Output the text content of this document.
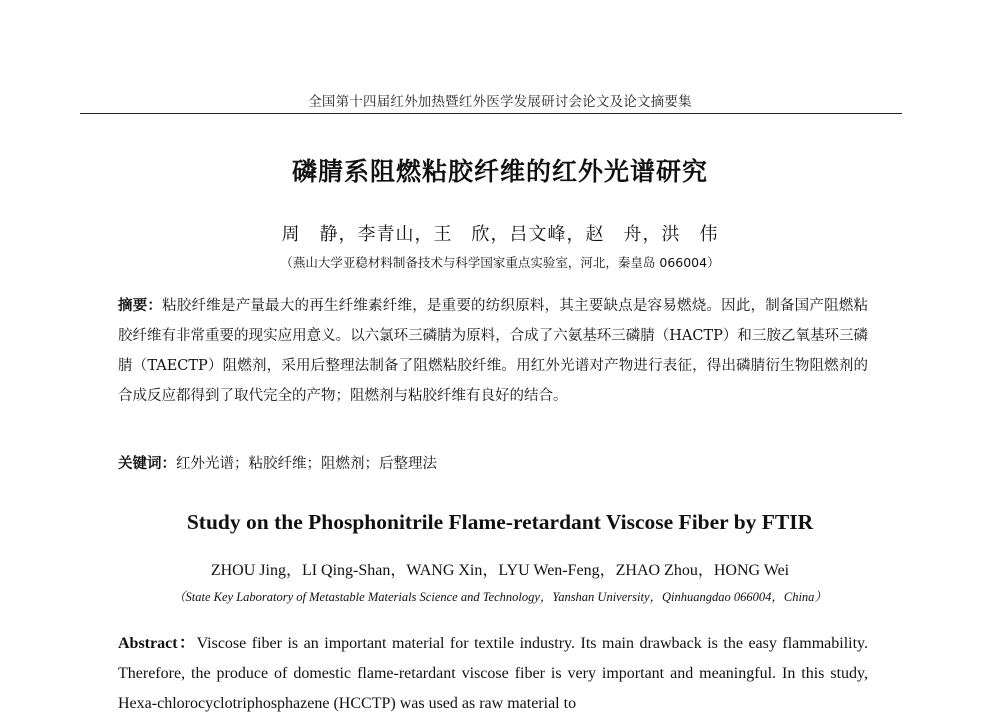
全国第十四届红外加热暨红外医学发展研讨会论文及论文摘要集
磷腈系阻燃粘胶纤维的红外光谱研究
周　静，李青山，王　欣，吕文峰，赵　舟，洪　伟
（燕山大学亚稳材料制备技术与科学国家重点实验室，河北，秦皇岛 066004）

摘要：粘胶纤维是产量最大的再生纤维素纤维，是重要的纺织原料，其主要缺点是容易燃烧。因此，制备国产阻燃粘胶纤维有非常重要的现实应用意义。以六氯环三磷腈为原料，合成了六氨基环三磷腈（HACTP）和三胺乙氧基环三磷腈（TAECTP）阻燃剂，采用后整理法制备了阻燃粘胶纤维。用红外光谱对产物进行表征，得出磷腈衍生物阻燃剂的合成反应都得到了取代完全的产物；阻燃剂与粘胶纤维有良好的结合。

关键词：红外光谱；粘胶纤维；阻燃剂；后整理法

Study on the Phosphonitrile Flame-retardant Viscose Fiber by FTIR
ZHOU Jing，LI Qing-Shan，WANG Xin，LYU Wen-Feng，ZHAO Zhou，HONG Wei
（State Key Laboratory of Metastable Materials Science and Technology，Yanshan University，Qinhuangdao 066004，China）

Abstract：Viscose fiber is an important material for textile industry. Its main drawback is the easy flammability. Therefore, the produce of domestic flame-retardant viscose fiber is very important and meaningful. In this study, Hexa-chlorocyclotriphosphazene (HCCTP) was used as raw material to
